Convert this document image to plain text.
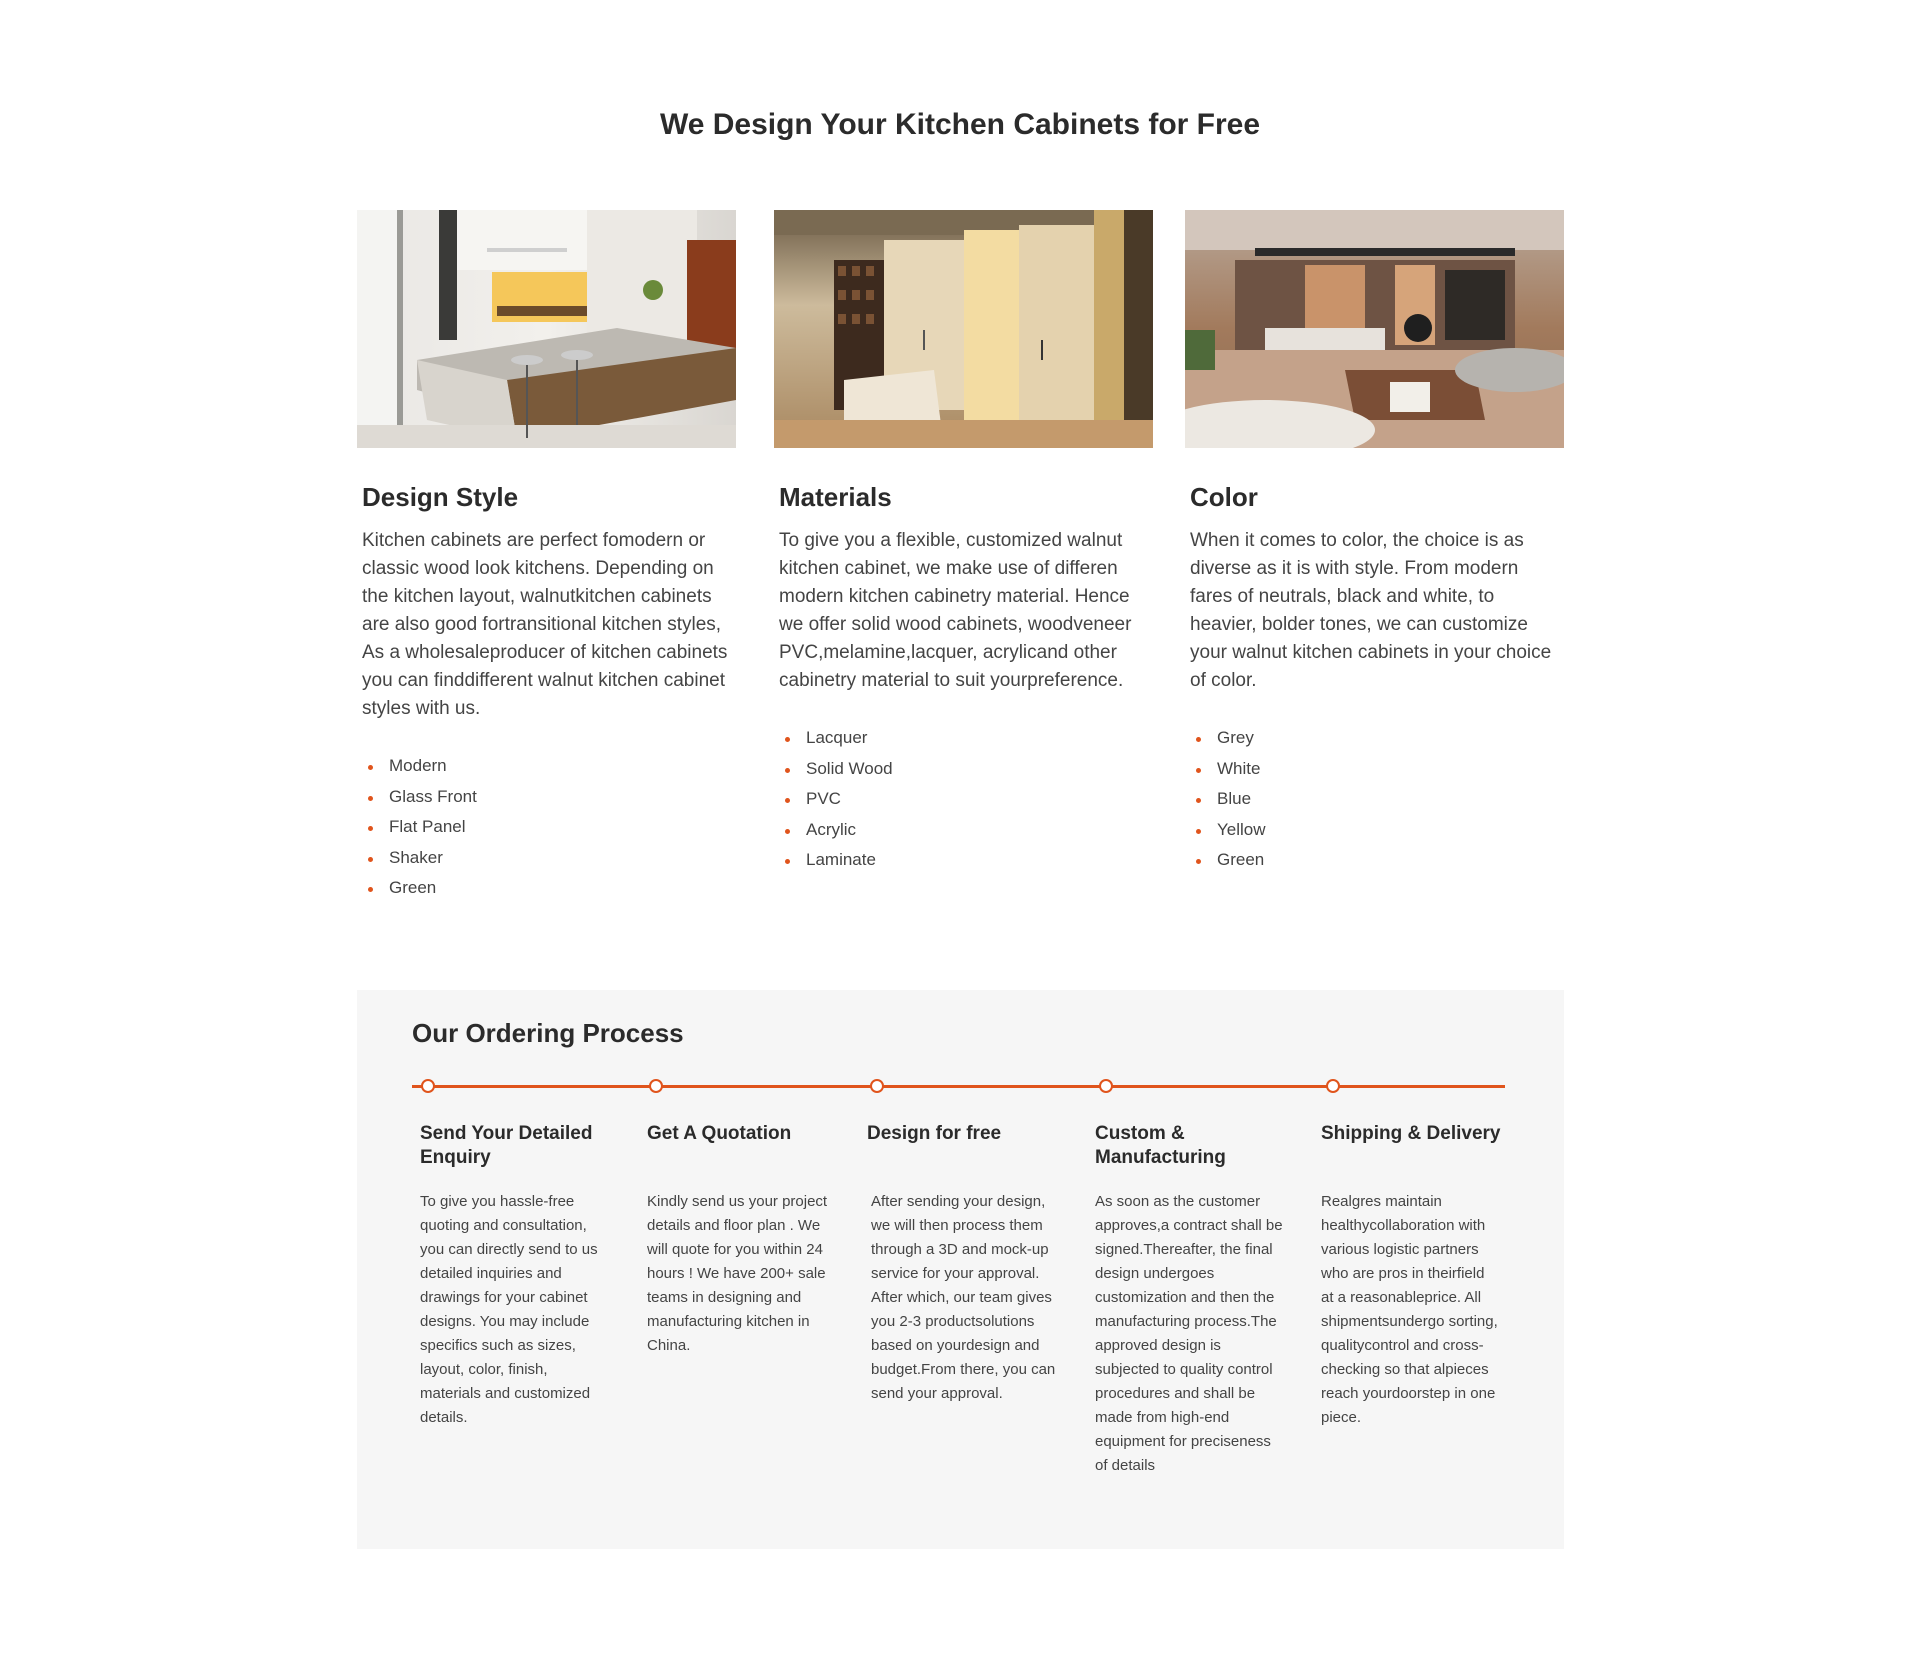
We Design Your Kitchen Cabinets for Free
Design Style

Kitchen cabinets are perfect fomodern or classic wood look kitchens. Depending on the kitchen layout, walnutkitchen cabinets are also good fortransitional kitchen styles, As a wholesaleproducer of kitchen cabinets you can finddifferent walnut kitchen cabinet styles with us.

Modern
Glass Front
Flat Panel
Shaker
Green
Materials

To give you a flexible, customized walnut kitchen cabinet, we make use of differen modern kitchen cabinetry material. Hence we offer solid wood cabinets, woodveneer PVC,melamine,lacquer, acrylicand other cabinetry material to suit yourpreference.

Lacquer
Solid Wood
PVC
Acrylic
Laminate
Color

When it comes to color, the choice is as diverse as it is with style. From modern fares of neutrals, black and white, to heavier, bolder tones, we can customize your walnut kitchen cabinets in your choice of color.

Grey
White
Blue
Yellow
Green
Our Ordering Process
Send Your Detailed Enquiry

To give you hassle-free quoting and consultation, you can directly send to us detailed inquiries and drawings for your cabinet designs. You may include specifics such as sizes, layout, color, finish, materials and customized details.

Get A Quotation

Kindly send us your project details and floor plan . We will quote for you within 24 hours ! We have 200+ sale teams in designing and manufacturing kitchen in China.

Design for free

After sending your design, we will then process them through a 3D and mock-up service for your approval. After which, our team gives you 2-3 productsolutions based on yourdesign and budget.From there, you can send your approval.

Custom & Manufacturing

As soon as the customer approves,a contract shall be signed.Thereafter, the final design undergoes customization and then the manufacturing process.The approved design is subjected to quality control procedures and shall be made from high-end equipment for preciseness of details

Shipping & Delivery

Realgres maintain healthycollaboration with various logistic partners who are pros in theirfield at a reasonableprice. All shipmentsundergo sorting, qualitycontrol and cross-checking so that alpieces reach yourdoorstep in one piece.
